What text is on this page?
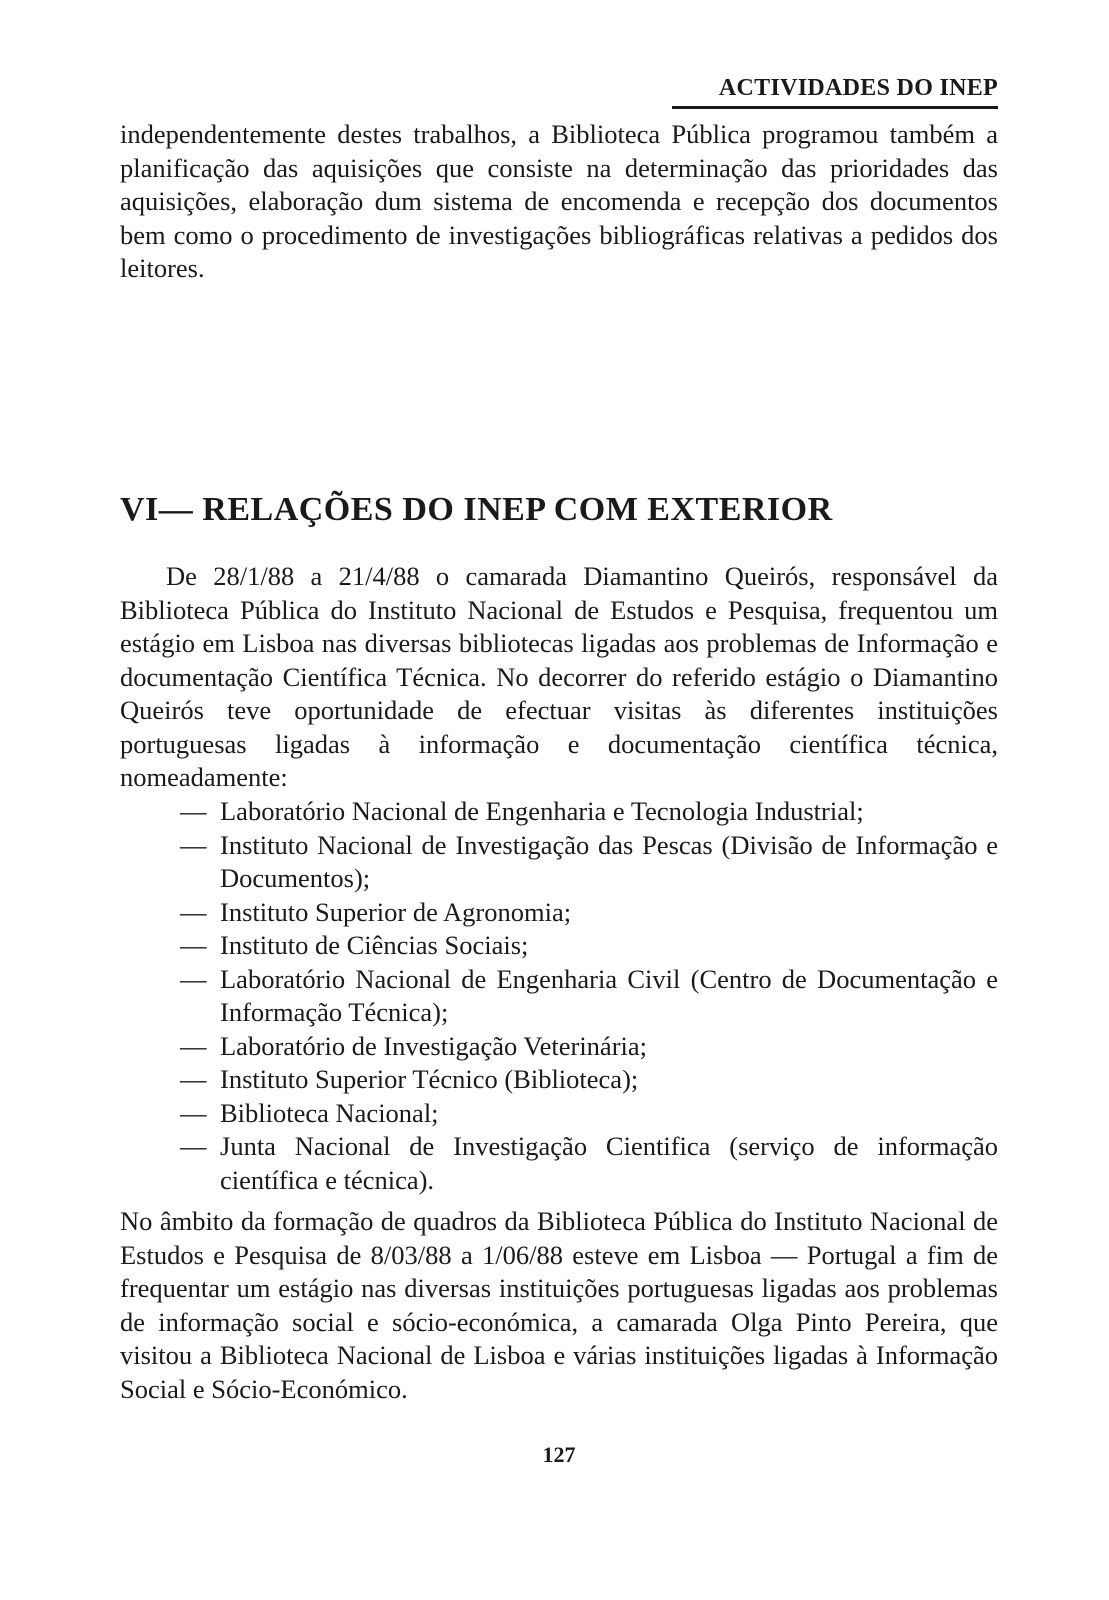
ACTIVIDADES DO INEP

independentemente destes trabalhos, a Biblioteca Pública programou também a planificação das aquisições que consiste na determinação das prioridades das aquisições, elaboração dum sistema de encomenda e recepção dos documentos bem como o procedimento de investigações bibliográficas relativas a pedidos dos leitores.

VI— RELAÇÕES DO INEP COM EXTERIOR

De 28/1/88 a 21/4/88 o camarada Diamantino Queirós, responsável da Biblioteca Pública do Instituto Nacional de Estudos e Pesquisa, frequentou um estágio em Lisboa nas diversas bibliotecas ligadas aos problemas de Informação e documentação Científica Técnica. No decorrer do referido estágio o Diamantino Queirós teve oportunidade de efectuar visitas às diferentes instituições portuguesas ligadas à informação e documentação científica técnica, nomeadamente:

— Laboratório Nacional de Engenharia e Tecnologia Industrial;
— Instituto Nacional de Investigação das Pescas (Divisão de Informação e Documentos);
— Instituto Superior de Agronomia;
— Instituto de Ciências Sociais;
— Laboratório Nacional de Engenharia Civil (Centro de Documentação e Informação Técnica);
— Laboratório de Investigação Veterinária;
— Instituto Superior Técnico (Biblioteca);
— Biblioteca Nacional;
— Junta Nacional de Investigação Cientifica (serviço de informação científica e técnica).

No âmbito da formação de quadros da Biblioteca Pública do Instituto Nacional de Estudos e Pesquisa de 8/03/88 a 1/06/88 esteve em Lisboa — Portugal a fim de frequentar um estágio nas diversas instituições portuguesas ligadas aos problemas de informação social e sócio-económica, a camarada Olga Pinto Pereira, que visitou a Biblioteca Nacional de Lisboa e várias instituições ligadas à Informação Social e Sócio-Económico.

127
